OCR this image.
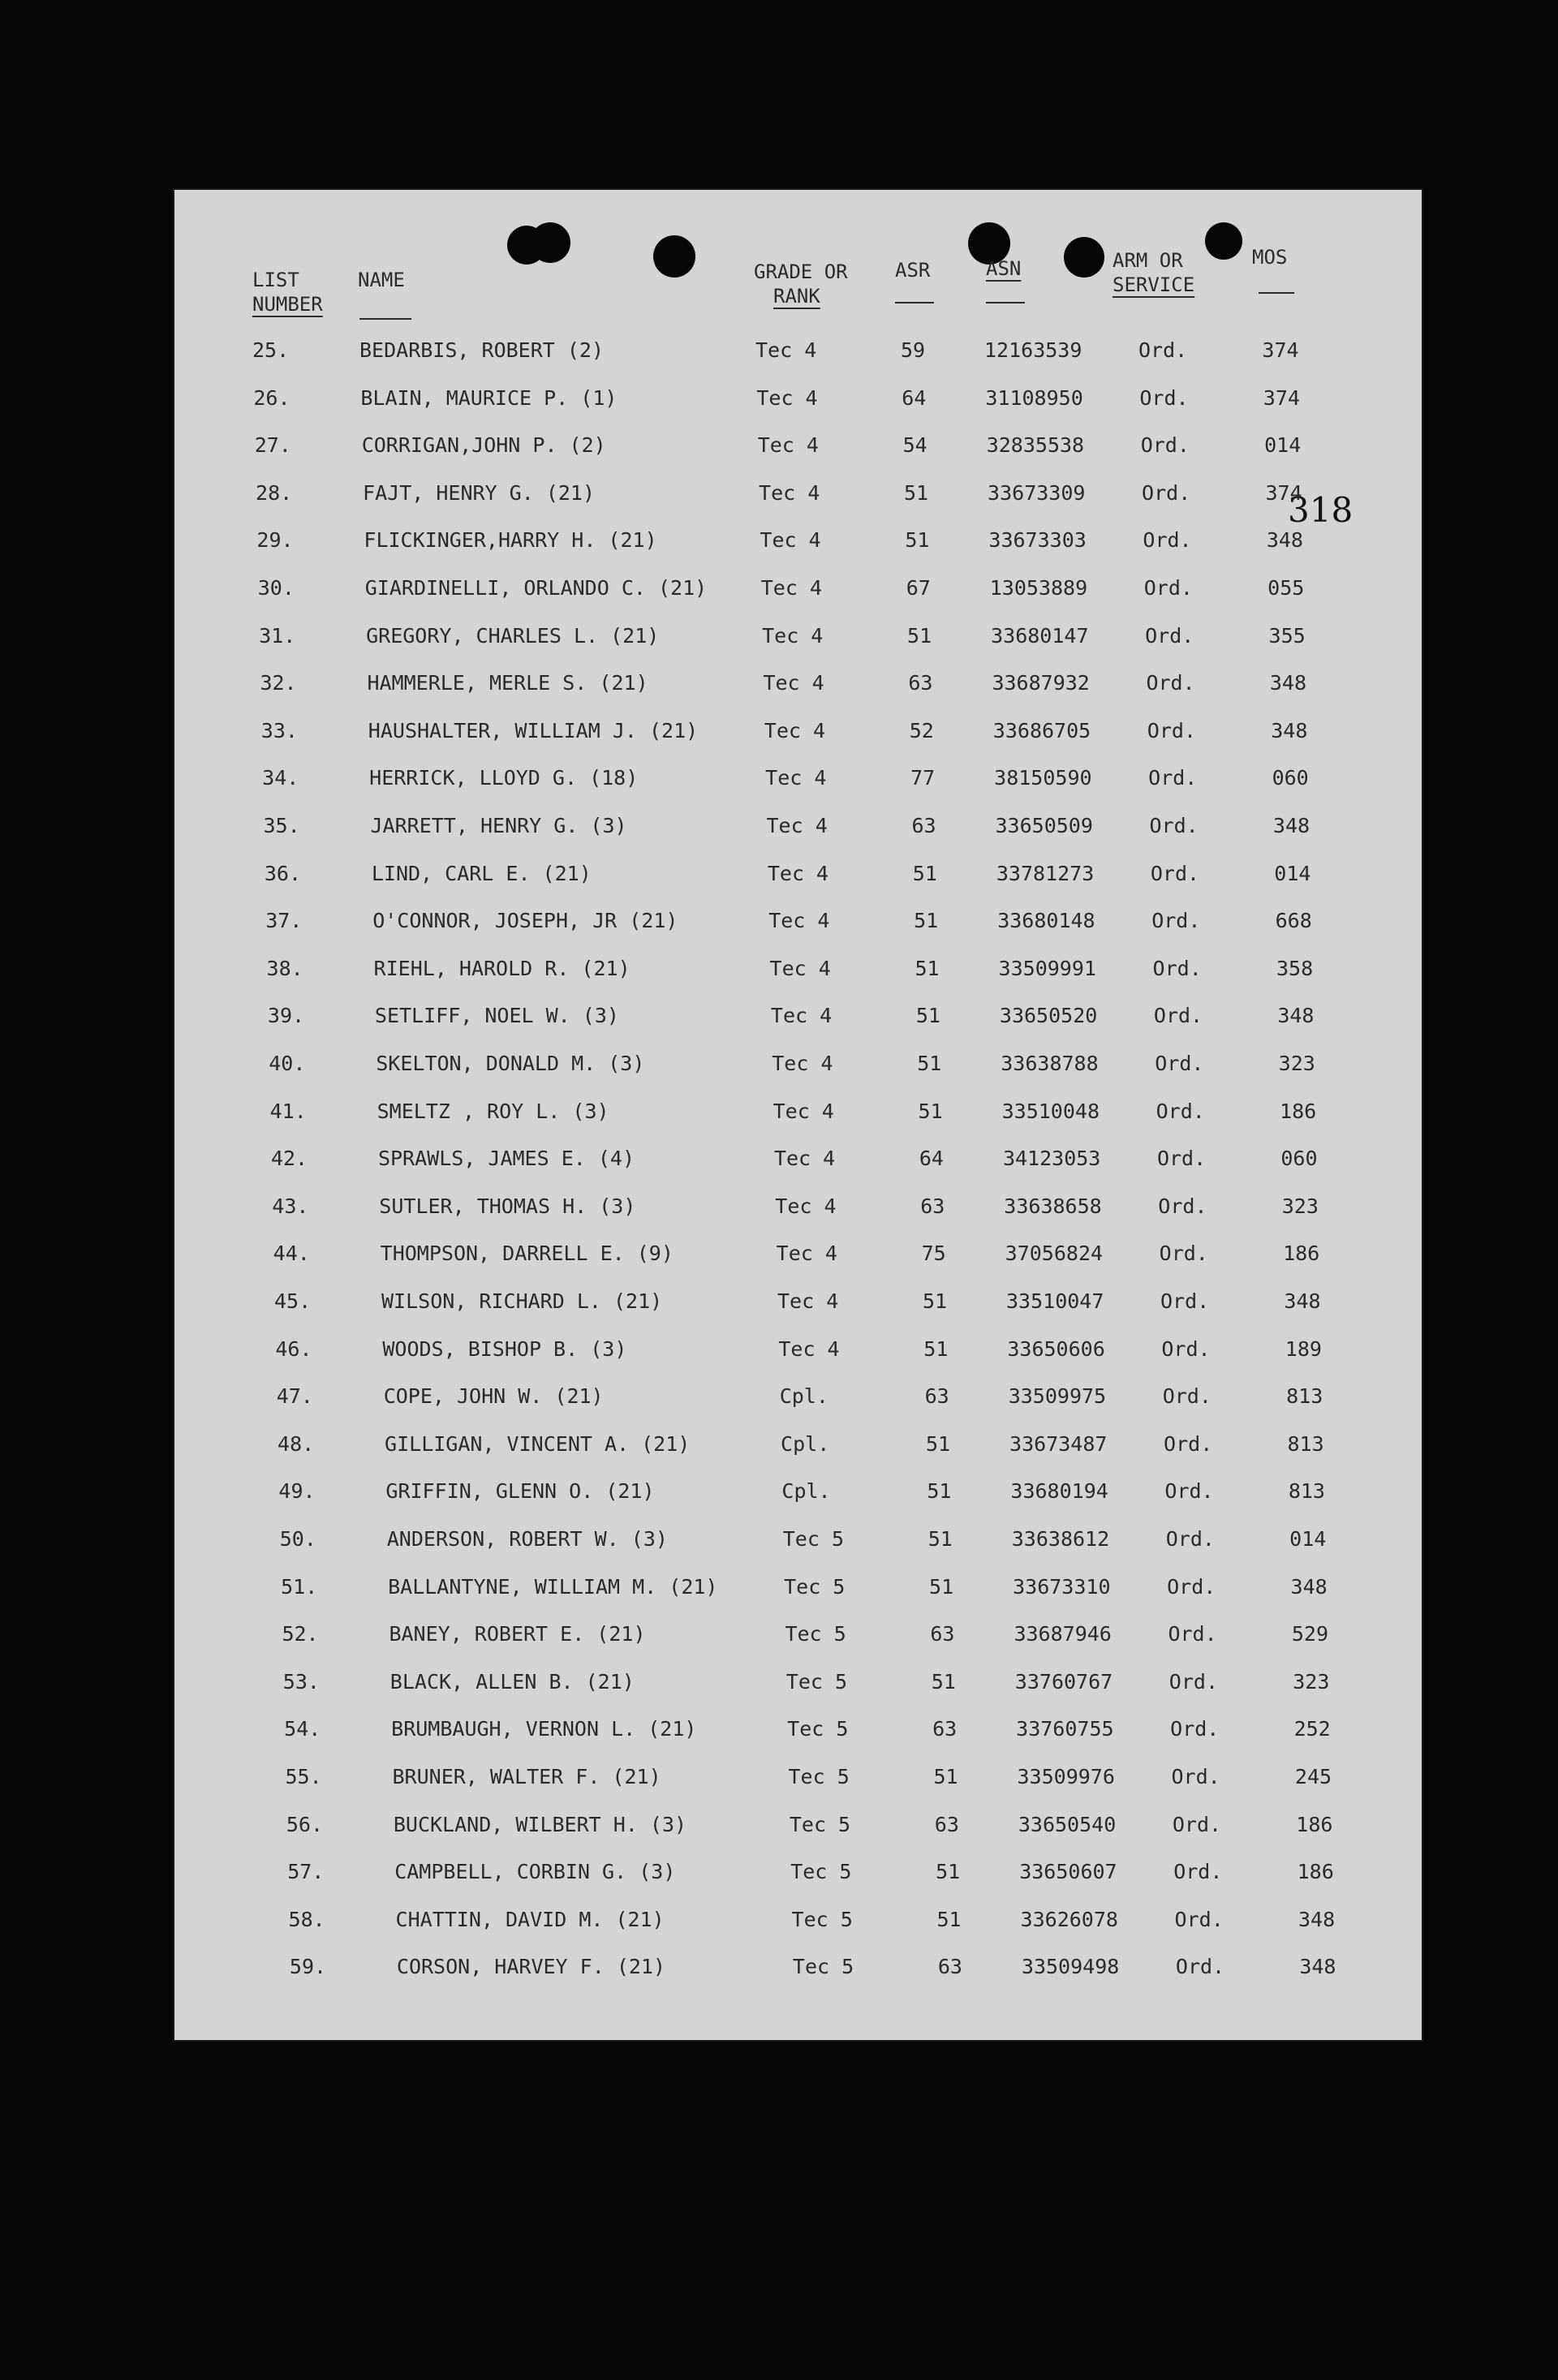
LIST
NUMBER
NAME	GRADE OR
RANK
ASR	ASN	ARM OR
SERVICE
MOS
318
25.	BEDARBIS, ROBERT (2)	Tec 4	59	12163539	Ord.	374
26.	BLAIN, MAURICE P. (1)	Tec 4	64	31108950	Ord.	374
27.	CORRIGAN,JOHN P. (2)	Tec 4	54	32835538	Ord.	014
28.	FAJT, HENRY G. (21)	Tec 4	51	33673309	Ord.	374
29.	FLICKINGER,HARRY H. (21)	Tec 4	51	33673303	Ord.	348
30.	GIARDINELLI, ORLANDO C. (21)	Tec 4	67	13053889	Ord.	055
31.	GREGORY, CHARLES L. (21)	Tec 4	51	33680147	Ord.	355
32.	HAMMERLE, MERLE S. (21)	Tec 4	63	33687932	Ord.	348
33.	HAUSHALTER, WILLIAM J. (21)	Tec 4	52	33686705	Ord.	348
34.	HERRICK, LLOYD G. (18)	Tec 4	77	38150590	Ord.	060
35.	JARRETT, HENRY G. (3)	Tec 4	63	33650509	Ord.	348
36.	LIND, CARL E. (21)	Tec 4	51	33781273	Ord.	014
37.	O'CONNOR, JOSEPH, JR (21)	Tec 4	51	33680148	Ord.	668
38.	RIEHL, HAROLD R. (21)	Tec 4	51	33509991	Ord.	358
39.	SETLIFF, NOEL W. (3)	Tec 4	51	33650520	Ord.	348
40.	SKELTON, DONALD M. (3)	Tec 4	51	33638788	Ord.	323
41.	SMELTZ , ROY L. (3)	Tec 4	51	33510048	Ord.	186
42.	SPRAWLS, JAMES E. (4)	Tec 4	64	34123053	Ord.	060
43.	SUTLER, THOMAS H. (3)	Tec 4	63	33638658	Ord.	323
44.	THOMPSON, DARRELL E. (9)	Tec 4	75	37056824	Ord.	186
45.	WILSON, RICHARD L. (21)	Tec 4	51	33510047	Ord.	348
46.	WOODS, BISHOP B. (3)	Tec 4	51	33650606	Ord.	189
47.	COPE, JOHN W. (21)	Cpl.	63	33509975	Ord.	813
48.	GILLIGAN, VINCENT A. (21)	Cpl.	51	33673487	Ord.	813
49.	GRIFFIN, GLENN O. (21)	Cpl.	51	33680194	Ord.	813
50.	ANDERSON, ROBERT W. (3)	Tec 5	51	33638612	Ord.	014
51.	BALLANTYNE, WILLIAM M. (21)	Tec 5	51	33673310	Ord.	348
52.	BANEY, ROBERT E. (21)	Tec 5	63	33687946	Ord.	529
53.	BLACK, ALLEN B. (21)	Tec 5	51	33760767	Ord.	323
54.	BRUMBAUGH, VERNON L. (21)	Tec 5	63	33760755	Ord.	252
55.	BRUNER, WALTER F. (21)	Tec 5	51	33509976	Ord.	245
56.	BUCKLAND, WILBERT H. (3)	Tec 5	63	33650540	Ord.	186
57.	CAMPBELL, CORBIN G. (3)	Tec 5	51	33650607	Ord.	186
58.	CHATTIN, DAVID M. (21)	Tec 5	51	33626078	Ord.	348
59.	CORSON, HARVEY F. (21)	Tec 5	63	33509498	Ord.	348
